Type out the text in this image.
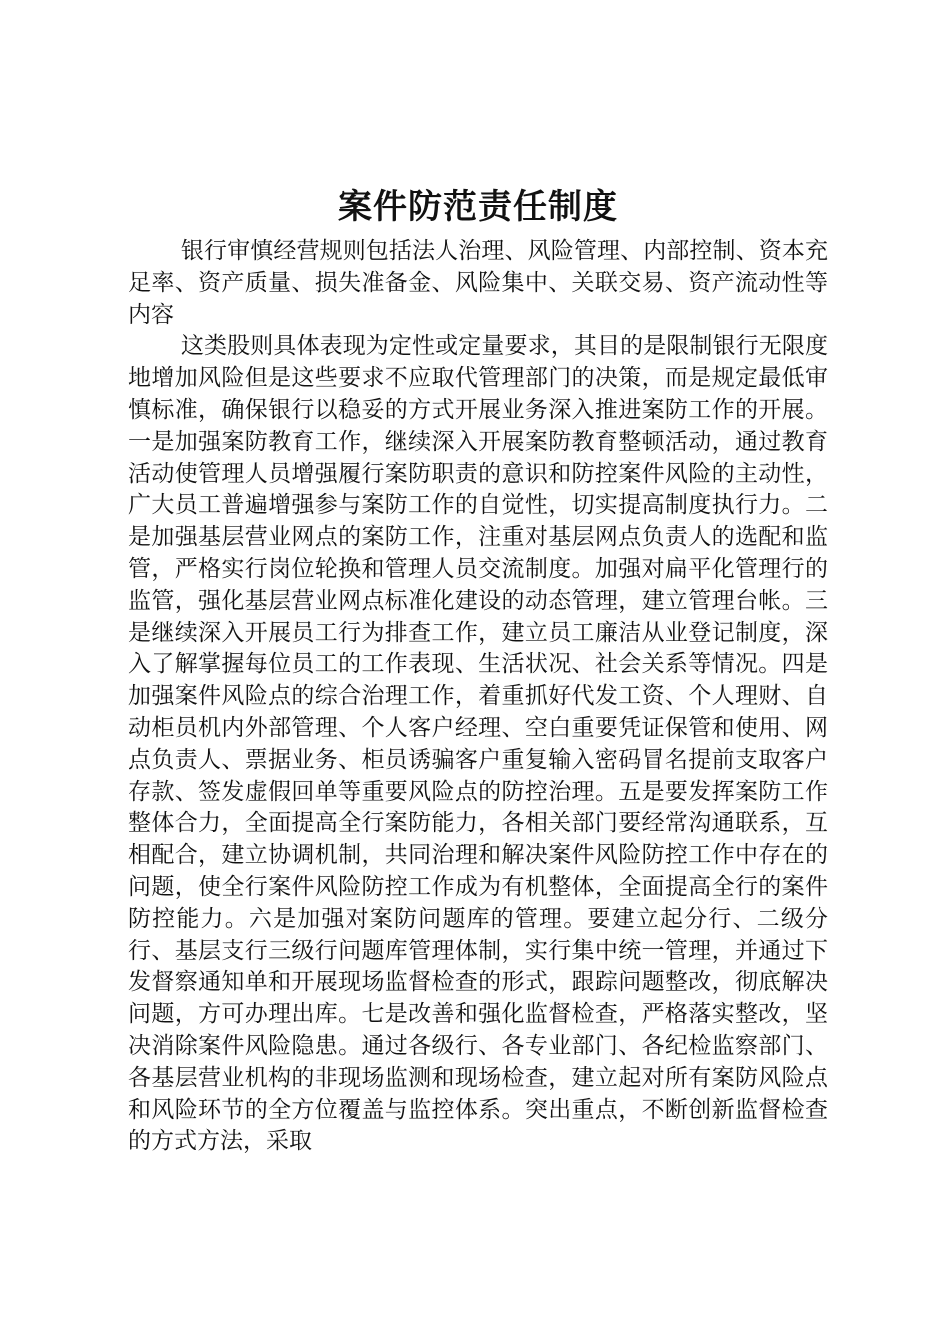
案件防范责任制度

银行审慎经营规则包括法人治理、风险管理、内部控制、资本充足率、资产质量、损失准备金、风险集中、关联交易、资产流动性等内容

这类股则具体表现为定性或定量要求，其目的是限制银行无限度地增加风险但是这些要求不应取代管理部门的决策，而是规定最低审慎标准，确保银行以稳妥的方式开展业务深入推进案防工作的开展。一是加强案防教育工作，继续深入开展案防教育整顿活动，通过教育活动使管理人员增强履行案防职责的意识和防控案件风险的主动性，广大员工普遍增强参与案防工作的自觉性，切实提高制度执行力。二是加强基层营业网点的案防工作，注重对基层网点负责人的选配和监管，严格实行岗位轮换和管理人员交流制度。加强对扁平化管理行的监管，强化基层营业网点标准化建设的动态管理，建立管理台帐。三是继续深入开展员工行为排查工作，建立员工廉洁从业登记制度，深入了解掌握每位员工的工作表现、生活状况、社会关系等情况。四是加强案件风险点的综合治理工作，着重抓好代发工资、个人理财、自动柜员机内外部管理、个人客户经理、空白重要凭证保管和使用、网点负责人、票据业务、柜员诱骗客户重复输入密码冒名提前支取客户存款、签发虚假回单等重要风险点的防控治理。五是要发挥案防工作整体合力，全面提高全行案防能力，各相关部门要经常沟通联系，互相配合，建立协调机制，共同治理和解决案件风险防控工作中存在的问题，使全行案件风险防控工作成为有机整体，全面提高全行的案件防控能力。六是加强对案防问题库的管理。要建立起分行、二级分行、基层支行三级行问题库管理体制，实行集中统一管理，并通过下发督察通知单和开展现场监督检查的形式，跟踪问题整改，彻底解决问题，方可办理出库。七是改善和强化监督检查，严格落实整改，坚决消除案件风险隐患。通过各级行、各专业部门、各纪检监察部门、各基层营业机构的非现场监测和现场检查，建立起对所有案防风险点和风险环节的全方位覆盖与监控体系。突出重点，不断创新监督检查的方式方法，采取
